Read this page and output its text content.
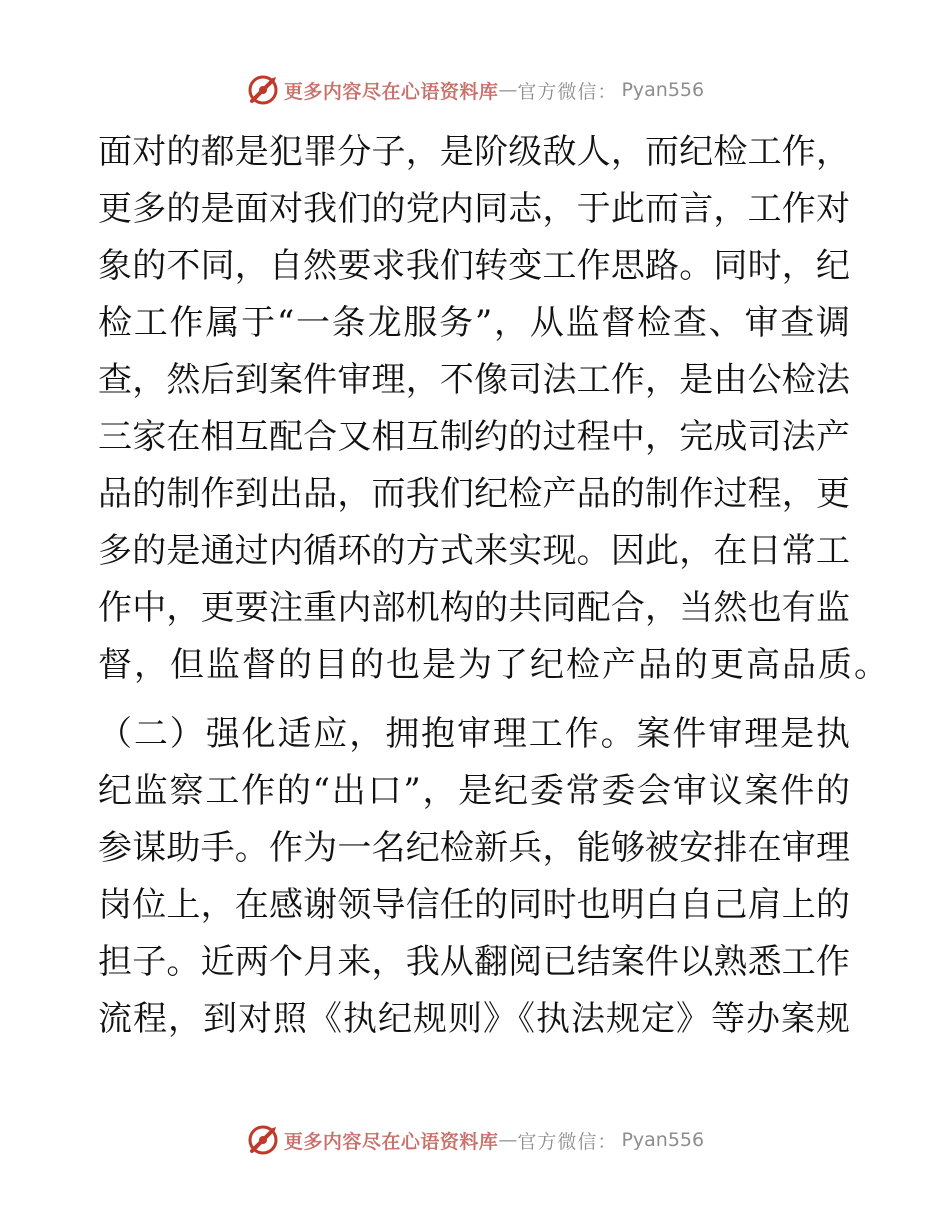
更多内容尽在心语资料库 — 官方微信： Pyan556
面对的都是犯罪分子，是阶级敌人，而纪检工作，
更多的是面对我们的党内同志，于此而言，工作对
象的不同，自然要求我们转变工作思路。同时，纪
检工作属于“一条龙服务”，从监督检查、审查调
查，然后到案件审理，不像司法工作，是由公检法
三家在相互配合又相互制约的过程中，完成司法产
品的制作到出品，而我们纪检产品的制作过程，更
多的是通过内循环的方式来实现。因此，在日常工
作中，更要注重内部机构的共同配合，当然也有监
督，但监督的目的也是为了纪检产品的更高品质。
（二）强化适应，拥抱审理工作。案件审理是执
纪监察工作的“出口”，是纪委常委会审议案件的
参谋助手。作为一名纪检新兵，能够被安排在审理
岗位上，在感谢领导信任的同时也明白自己肩上的
担子。近两个月来，我从翻阅已结案件以熟悉工作
流程，到对照《执纪规则》《执法规定》等办案规
更多内容尽在心语资料库 — 官方微信： Pyan556
